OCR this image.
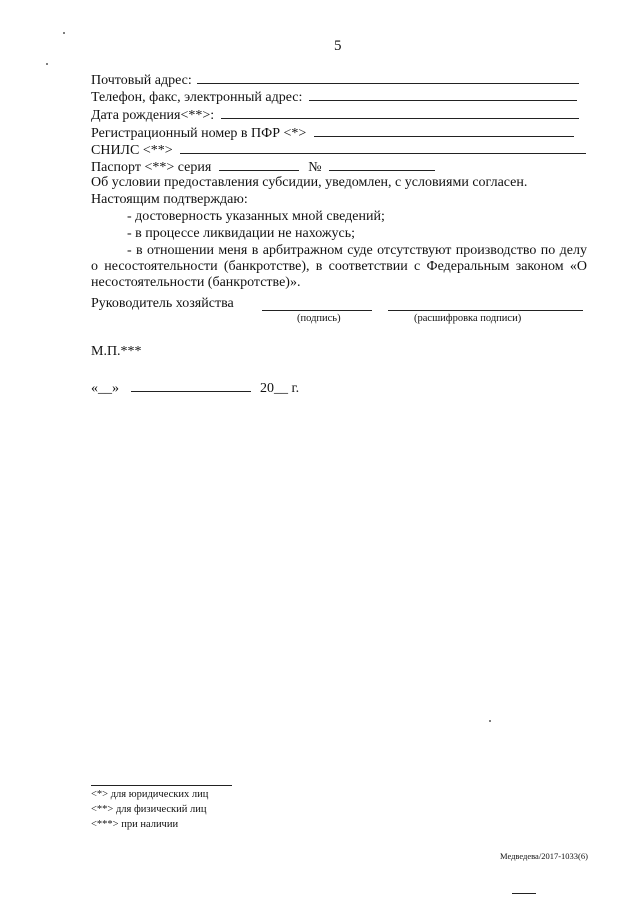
5
Почтовый адрес:
Телефон, факс, электронный адрес:
Дата рождения<**>:
Регистрационный номер в ПФР <*>
СНИЛС <**>
Паспорт <**> серия	№
Об условии предоставления субсидии, уведомлен, с условиями согласен.
Настоящим подтверждаю:
- достоверность указанных мной сведений;
- в процессе ликвидации не нахожусь;
- в отношении меня в арбитражном суде отсутствуют производство по делу о несостоятельности (банкротстве), в соответствии с Федеральным законом «О несостоятельности (банкротстве)».
Руководитель хозяйства
(подпись)	(расшифровка подписи)
М.П.***
«__»	20__ г.
<*> для юридических лиц
<**> для физический лиц
<***> при наличии
Медведева/2017-1033(6)
